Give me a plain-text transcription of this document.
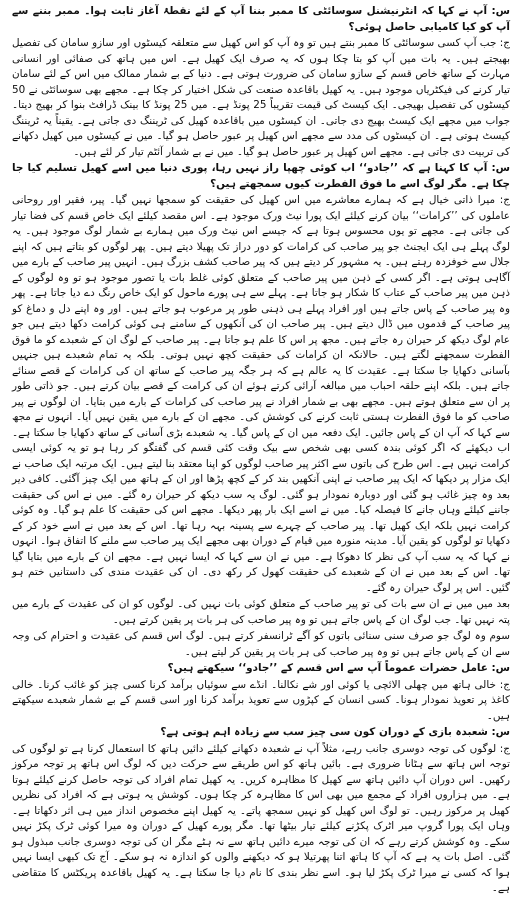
س: آپ نے کہا کہ انٹرنیشنل سوسائٹی کا ممبر بننا آپ کے لئے نقطۂ آغاز ثابت ہوا۔ ممبر بننے سے آپ کو کیا کامیابی حاصل ہوئی؟

ج: جب آپ کسی سوسائٹی کا ممبر بنتے ہیں تو وہ آپ کو اس کھیل سے متعلقہ کیسٹوں اور سازو سامان کی تفصیل بھیجتے ہیں۔ یہ بات میں آپ کو بتا چکا ہوں کہ یہ صرف ایک کھیل ہے۔ اس میں ہاتھ کی صفائی اور انسانی مہارت کے ساتھ خاص قسم کے سازو سامان کی ضرورت ہوتی ہے۔ دنیا کے بے شمار ممالک میں اس کے لئے سامان تیار کرنے کی فیکٹریاں موجود ہیں۔ یہ کھیل باقاعدہ صنعت کی شکل اختیار کر چکا ہے۔ مجھے بھی سوسائٹی نے 50 کیسٹوں کی تفصیل بھیجی۔ ایک کیسٹ کی قیمت تقریباً 25 پونڈ ہے۔ میں 25 پونڈ کا بینک ڈرافٹ بنوا کر بھیج دیتا۔ جواب میں مجھے ایک کیسٹ بھیج دی جاتی۔ ان کیسٹوں میں باقاعدہ کھیل کی ٹریننگ دی جاتی ہے۔ یقیناً یہ ٹریننگ کیسٹ ہوتی ہے۔ ان کیسٹوں کی مدد سے مجھے اس کھیل پر عبور حاصل ہو گیا۔ میں نے کیسٹوں میں کھیل دکھانے کی تربیت دی جاتی ہے۔ مجھے اس کھیل پر عبور حاصل ہو گیا۔ میں نے بے شمار آئٹم تیار کر لئے ہیں۔

س: آپ کا کہنا ہے کہ ’’جادو‘‘ اب کوئی چھپا راز نہیں رہا، پوری دنیا میں اسے کھیل تسلیم کیا جا چکا ہے۔ مگر لوگ اسے ما فوق الفطرت کیوں سمجھتے ہیں؟

ج: میرا ذاتی خیال ہے کہ ہمارے معاشرے میں اس کھیل کی حقیقت کو سمجھا نہیں گیا۔ پیر، فقیر اور روحانی عاملوں کی ’’کرامات‘‘ بیان کرنے کیلئے ایک پورا نیٹ ورک موجود ہے۔ اس مقصد کیلئے ایک خاص قسم کی فضا تیار کی جاتی ہے۔ مجھے تو یوں محسوس ہوتا ہے کہ جیسے اس نیٹ ورک میں ہمارے بے شمار لوگ موجود ہیں۔ یہ لوگ پہلے ہی ایک ایجنٹ جو پیر صاحب کی کرامات کو دور دراز تک پھیلا دیتے ہیں۔ پھر لوگوں کو بتاتے ہیں کہ اپنے جلال سے خوفزدہ رہتے ہیں۔ یہ مشہور کر دیتے ہیں کہ پیر صاحب کشف بزرگ ہیں۔ انہیں پیر صاحب کے بارے میں آگاہی ہوتی ہے۔ اگر کسی کے ذہن میں پیر صاحب کے متعلق کوئی غلط بات یا تصور موجود ہو تو وہ لوگوں کے ذہن میں پیر صاحب کے عتاب کا شکار ہو جاتا ہے۔ پہلے سے ہی پورے ماحول کو ایک خاص رنگ دے دیا جاتا ہے۔ پھر وہ پیر صاحب کے پاس جاتے ہیں اور افراد پہلے ہی ذہنی طور پر مرعوب ہو جاتے ہیں۔ اور وہ اپنے دل و دماغ کو پیر صاحب کے قدموں میں ڈال دیتے ہیں۔ پیر صاحب ان کی آنکھوں کے سامنے ہی کوئی کرامت دکھا دیتے ہیں جو عام لوگ دیکھ کر حیران رہ جاتے ہیں۔ مجھ پر اس کا علم ہو جاتا ہے۔ پیر صاحب کے لوگ ان کے شعبدے کو ما فوق الفطرت سمجھنے لگتے ہیں۔ حالانکہ ان کرامات کی حقیقت کچھ نہیں ہوتی۔ بلکہ یہ تمام شعبدے ہیں جنہیں بآسانی دکھایا جا سکتا ہے۔ عقیدت کا یہ عالم ہے کہ ہر جگہ پیر صاحب کے ساتھ ان کی کرامات کے قصے سنائے جاتے ہیں۔ بلکہ اپنے حلقہ احباب میں مبالغہ آرائی کرتے ہوئے ان کی کرامت کے قصے بیان کرتے ہیں۔ جو ذاتی طور پر ان سے متعلق ہوتے ہیں۔ مجھے بھی بے شمار افراد نے پیر صاحب کی کرامات کے بارے میں بتایا۔ ان لوگوں نے پیر صاحب کو ما فوق الفطرت ہستی ثابت کرنے کی کوشش کی۔ مجھے ان کے بارے میں یقین نہیں آیا۔ انہوں نے مجھ سے کہا کہ آپ ان کے پاس جائیں۔ ایک دفعہ میں ان کے پاس گیا۔ یہ شعبدے بڑی آسانی کے ساتھ دکھایا جا سکتا ہے۔ اب دیکھئے کہ اگر کوئی بندہ کسی بھی شخص سے بیک وقت کئی قسم کی گفتگو کر رہا ہو تو یہ کوئی ایسی کرامت نہیں ہے۔ اس طرح کی باتوں سے اکثر پیر صاحب لوگوں کو اپنا معتقد بنا لیتے ہیں۔ ایک مرتبہ ایک صاحب نے ایک مزار پر دیکھا کہ ایک پیر صاحب نے اپنی آنکھیں بند کر کے کچھ پڑھا اور ان کے ہاتھ میں ایک چیز آگئی۔ کافی دیر بعد وہ چیز غائب ہو گئی اور دوبارہ نمودار ہو گئی۔ لوگ یہ سب دیکھ کر حیران رہ گئے۔ میں نے اس کی حقیقت جاننے کیلئے وہاں جانے کا فیصلہ کیا۔ میں نے اسے ایک بار پھر دیکھا۔ مجھے اس کی حقیقت کا علم ہو گیا۔ وہ کوئی کرامت نہیں بلکہ ایک کھیل تھا۔ پیر صاحب کے چہرے سے پسینہ بہہ رہا تھا۔ اس کے بعد میں نے اسے خود کر کے دکھایا تو لوگوں کو یقین آیا۔ مدینہ منورہ میں قیام کے دوران بھی مجھے ایک پیر صاحب سے ملنے کا اتفاق ہوا۔ انہوں نے کہا کہ یہ سب آپ کی نظر کا دھوکا ہے۔ میں نے ان سے کہا کہ ایسا نہیں ہے۔ مجھے ان کے بارے میں بتایا گیا تھا۔ اس کے بعد میں نے ان کے شعبدے کی حقیقت کھول کر رکھ دی۔ ان کی عقیدت مندی کی داستانیں ختم ہو گئیں۔ اس پر لوگ حیران رہ گئے۔

بعد میں میں نے ان سے بات کی تو پیر صاحب کے متعلق کوئی بات نہیں کی۔ لوگوں کو ان کی عقیدت کے بارے میں پتہ نہیں تھا۔ جب لوگ ان کے پاس جاتے ہیں تو وہ پیر صاحب کی ہر بات پر یقین کرتے ہیں۔

سوم وہ لوگ جو صرف سنی سنائی باتوں کو آگے ٹرانسفر کرتے ہیں۔ لوگ اس قسم کی عقیدت و احترام کی وجہ سے ان کے پاس جاتے ہیں تو وہ پیر صاحب کی ہر بات پر یقین کر لیتے ہیں۔

س: عامل حضرات عموماً آپ سے اس قسم کے ’’جادو‘‘ سیکھتے ہیں؟

ج: خالی ہاتھ میں چھلی الائچی یا کوئی اور شے نکالنا۔ انڈے سے سوئیاں برآمد کرنا کسی چیز کو غائب کرنا۔ خالی کاغذ پر تعویذ نمودار ہونا۔ کسی انسان کے کپڑوں سے تعویذ برآمد کرنا اور اسی قسم کے بے شمار شعبدے سیکھتے ہیں۔

س: شعبدہ بازی کے دوران کون سی چیز سب سے زیادہ اہم ہوتی ہے؟

ج: لوگوں کی توجہ دوسری جانب رہے، مثلاً آپ نے شعبدہ دکھانے کیلئے دائیں ہاتھ کا استعمال کرنا ہے تو لوگوں کی توجہ اس ہاتھ سے ہٹانا ضروری ہے۔ بائیں ہاتھ کو اس طریقے سے حرکت دیں کہ لوگ اس ہاتھ پر توجہ مرکوز رکھیں۔ اس دوران آپ دائیں ہاتھ سے کھیل کا مظاہرہ کریں۔ یہ کھیل تمام افراد کی توجہ حاصل کرنے کیلئے ہوتا ہے۔ میں ہزاروں افراد کے مجمع میں بھی اس کا مظاہرہ کر چکا ہوں۔ کوشش یہ ہوتی ہے کہ افراد کی نظریں کھیل پر مرکوز رہیں۔ تو لوگ اس کھیل کو نہیں سمجھ پاتے۔ یہ کھیل اپنے مخصوص انداز میں ہی اثر دکھاتا ہے۔ وہاں ایک پورا گروپ میر اٹرک پکڑنے کیلئے تیار بیٹھا تھا۔ مگر پورے کھیل کے دوران وہ میرا کوئی ٹرک پکڑ نہیں سکے۔ وہ کوشش کرتے رہے کہ ان کی توجہ میرے دائیں ہاتھ سے نہ ہٹے مگر ان کی توجہ دوسری جانب مبذول ہو گئی۔ اصل بات یہ ہے کہ آپ کا ہاتھ اتنا پھرتیلا ہو کہ دیکھنے والوں کو اندازہ نہ ہو سکے۔ آج تک کبھی ایسا نہیں ہوا کہ کسی نے میرا ٹرک پکڑ لیا ہو۔ اسے نظر بندی کا نام دیا جا سکتا ہے۔ یہ کھیل باقاعدہ پریکٹس کا متقاضی ہے۔
